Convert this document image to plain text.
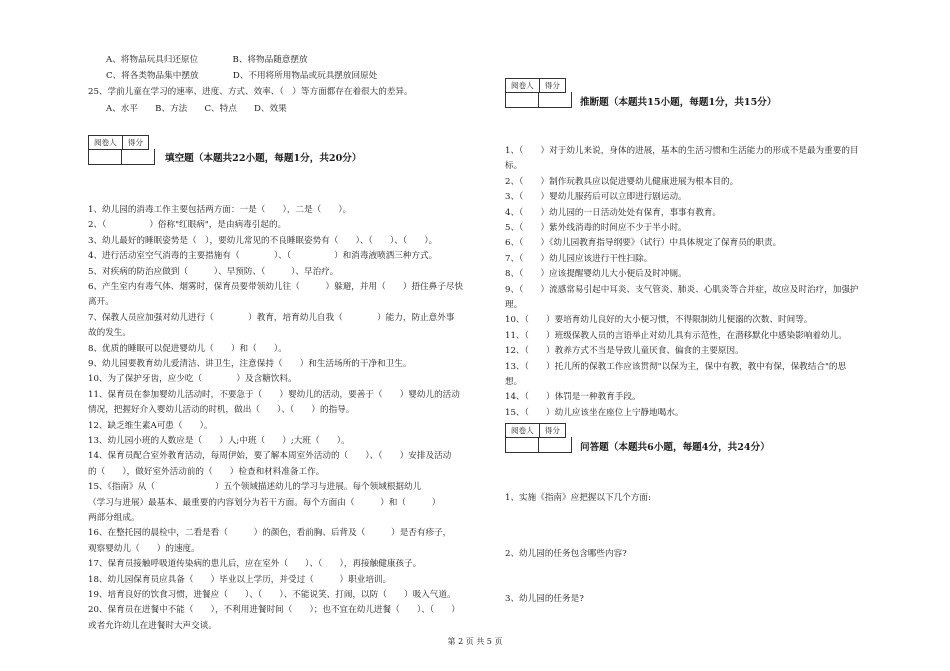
阅卷人	得分
填空题（本题共22小题，每题1分，共20分）
阅卷人	得分
推断题（本题共15小题，每题1分，共15分）
阅卷人	得分
问答题（本题共6小题，每题4分，共24分）
1、实施《指南》应把握以下几个方面:
2、幼儿园的任务包含哪些内容?
3、幼儿园的任务是?
第 2 页 共 5 页
A、将物品玩具归还原位　　　　B、将物品随意摆放
C、将各类物品集中摆放　　　　D、不用将所用物品或玩具摆放回原处
25、学前儿童在学习的速率、进度、方式、效率、（　）等方面都存在着很大的差异。
A、水平　　B、方法　　C、特点　　D、效果
1、幼儿园的消毒工作主要包括两方面：一是（　　），二是（　　）。
2、（　　　　　）俗称"红眼病"，是由病毒引起的。
3、幼儿最好的睡眠姿势是（　），要幼儿常见的不良睡眠姿势有（　　）、（　　）、（　　）。
4、进行活动室空气消毒的主要措施有（　　　　）、（　　　　　）和消毒液喷洒三种方式。
5、对疾病的防治应做到（　　　）、早预防、（　　　）、早治疗。
6、产生室内有毒气体、烟雾时，保育员要带领幼儿往（　　　）躲避，并用（　　）捂住鼻子尽快
离开。
7、保教人员应加强对幼儿进行（　　　　）教育，培育幼儿自我（　　　　）能力，防止意外事
故的发生。
8、优质的睡眠可以促进婴幼儿（　　）和（　　）。
9、幼儿园要教育幼儿爱清洁、讲卫生，注意保持（　　）和生活场所的干净和卫生。
10、为了保护牙齿，应少吃（　　　　）及含糖饮料。
11、保育员在参加婴幼儿活动时，不要急于（　　）婴幼儿的活动，要善于（　　）婴幼儿的活动
情况，把握好介入婴幼儿活动的时机，做出（　　）、（　　）的指导。
12、缺乏维生素A可患（　　）。
13、幼儿园小班的人数应是（　　）人;中班（　　）;大班（　　）。
14、保育员配合室外教育活动，每周伊始，要了解本周室外活动的（　　）、（　　）安排及活动
的（　　），做好室外活动前的（　　）检查和材料准备工作。
15、《指南》从（　　　　　　　）五个领域描述幼儿的学习与进展。每个领域根据幼儿
（学习与进展）最基本、最重要的内容划分为若干方面。每个方面由（　　　）和（　　　）
两部分组成。
16、在整托园的晨检中，二看是看（　　　）的颜色，看前胸、后背及（　　　）是否有疹子，
观察婴幼儿（　　）的速度。
17、保育员接触呼吸道传染病的患儿后，应在室外（　　）、（　　），再接触健康孩子。
18、幼儿园保育员应具备（　　）毕业以上学历，并受过（　　　）职业培训。
19、培育良好的饮食习惯，进餐应（　　）、（　　）、不能说笑、打闹，以防（　　）吸入气道。
20、保育员在进餐中不能（　　），不利用进餐时间（　　）；也不宜在幼儿进餐（　　）、（　　）
或者允许幼儿在进餐时大声交谈。
1、（　　）对于幼儿来说，身体的进展，基本的生活习惯和生活能力的形成不是最为重要的目
标。
2、（　　）制作玩教具应以促进婴幼儿健康进展为根本目的。
3、（　　）婴幼儿服药后可以立即进行剧运动。
4、（　　）幼儿园的一日活动处处有保育，事事有教育。
5、（　　）紫外线消毒的时间应不少于半小时。
6、（　　）《幼儿园教育指导纲要》（试行）中具体规定了保育员的职责。
7、（　　）幼儿园应该进行干性扫除。
8、（　　）应该提醒婴幼儿大小便后及时冲厕。
9、（　　）流感常易引起中耳炎、支气管炎、肺炎、心肌炎等合并症，故应及时治疗，加强护
理。
10、（　　）要培育幼儿良好的大小便习惯，不得限制幼儿便溺的次数、时间等。
11、（　　）班级保教人员的言语举止对幼儿具有示范性，在潜移默化中感染影响着幼儿。
12、（　　）教养方式不当是导致儿童厌食、偏食的主要原因。
13、（　　）托儿所的保教工作应该贯彻"以保为主，保中有教，教中有保，保教结合"的思
想。
14、（　　）体罚是一种教育手段。
15、（　　）幼儿应该坐在座位上宁静地喝水。
